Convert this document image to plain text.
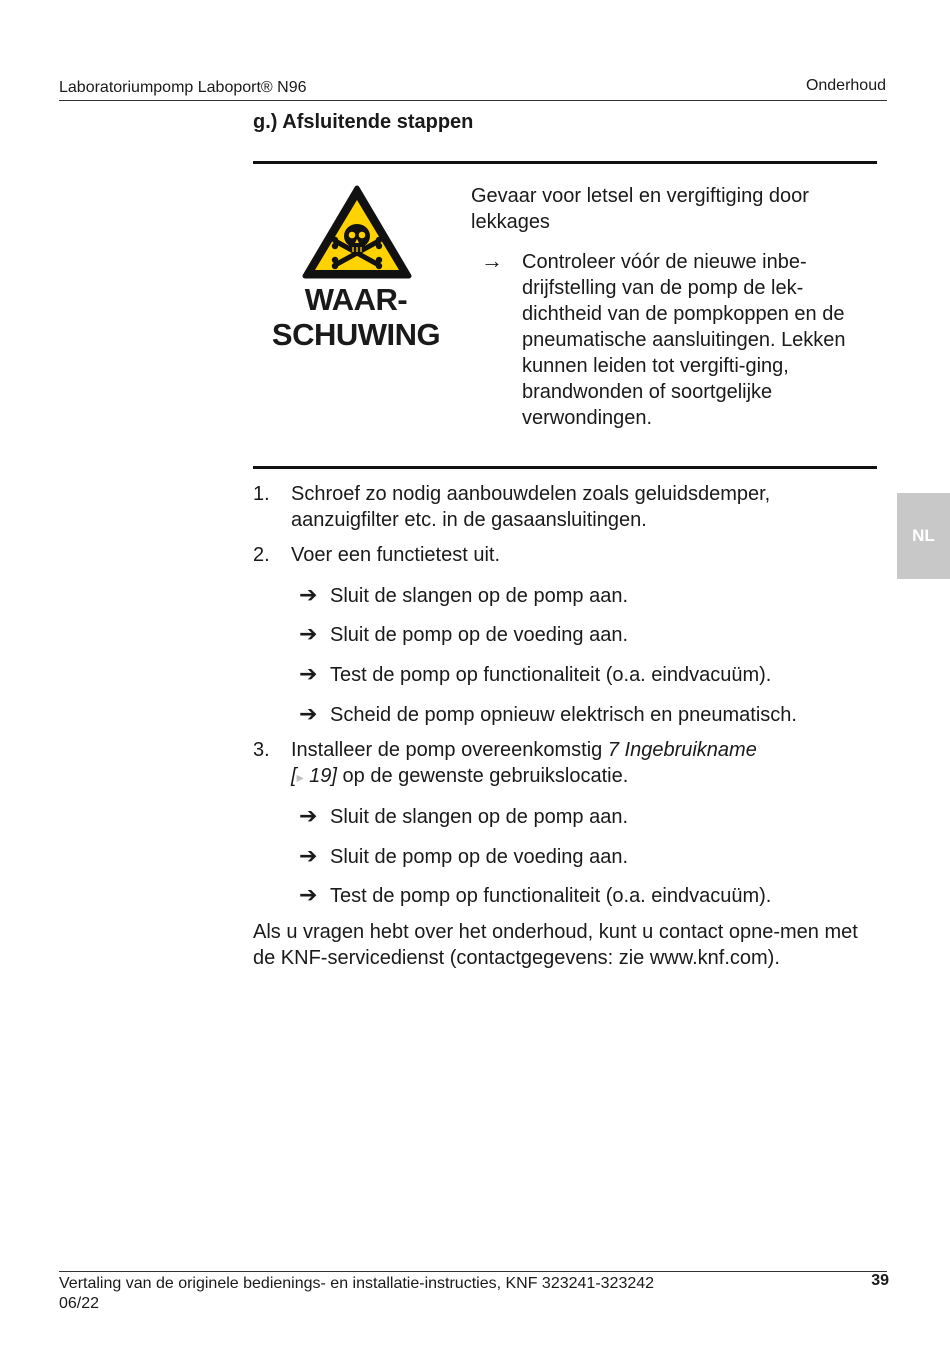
Laboratoriumpomp Laboport® N96	Onderhoud
g.) Afsluitende stappen
WAAR-
SCHUWING
Gevaar voor letsel en vergiftiging door lekkages
→ Controleer vóór de nieuwe inbe-drijfstelling van de pomp de lek-dichtheid van de pompkoppen en de pneumatische aansluitingen. Lekken kunnen leiden tot vergifti-ging, brandwonden of soortgelijke verwondingen.
1. Schroef zo nodig aanbouwdelen zoals geluidsdemper, aanzuigfilter etc. in de gasaansluitingen.
2. Voer een functietest uit.
➔ Sluit de slangen op de pomp aan.
➔ Sluit de pomp op de voeding aan.
➔ Test de pomp op functionaliteit (o.a. eindvacuüm).
➔ Scheid de pomp opnieuw elektrisch en pneumatisch.
3. Installeer de pomp overeenkomstig 7 Ingebruikname
[▸ 19] op de gewenste gebruikslocatie.
➔ Sluit de slangen op de pomp aan.
➔ Sluit de pomp op de voeding aan.
➔ Test de pomp op functionaliteit (o.a. eindvacuüm).
Als u vragen hebt over het onderhoud, kunt u contact opne-men met de KNF-servicedienst (contactgegevens: zie www.knf.com).
NL
Vertaling van de originele bedienings- en installatie-instructies, KNF 323241-323242
06/22
39
